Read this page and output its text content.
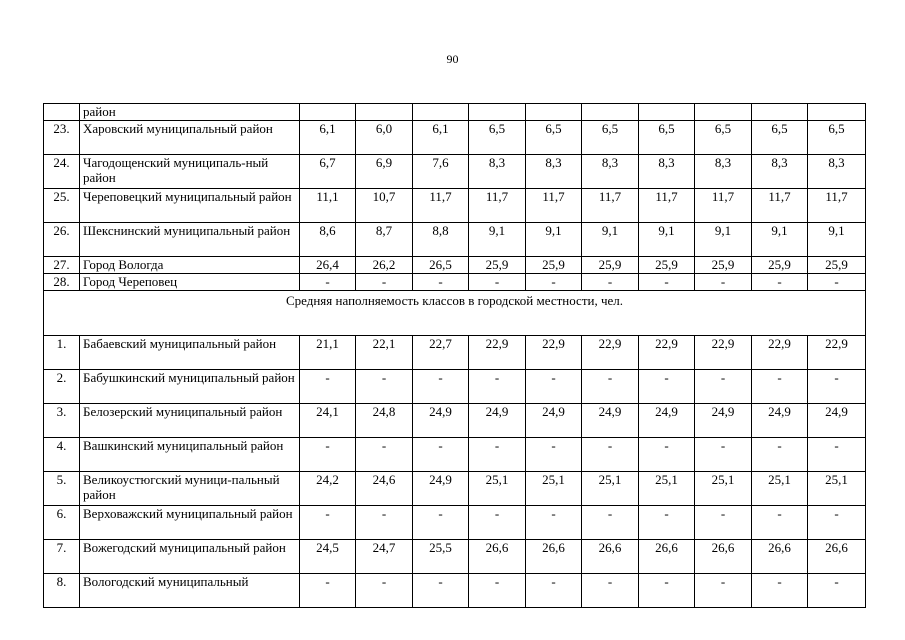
90
	район										
23.	Харовский муниципальный район	6,1	6,0	6,1	6,5	6,5	6,5	6,5	6,5	6,5	6,5
24.	Чагодощенский муниципаль-ный район	6,7	6,9	7,6	8,3	8,3	8,3	8,3	8,3	8,3	8,3
25.	Череповецкий муниципальный район	11,1	10,7	11,7	11,7	11,7	11,7	11,7	11,7	11,7	11,7
26.	Шекснинский муниципальный район	8,6	8,7	8,8	9,1	9,1	9,1	9,1	9,1	9,1	9,1
27.	Город Вологда	26,4	26,2	26,5	25,9	25,9	25,9	25,9	25,9	25,9	25,9
28.	Город Череповец	-	-	-	-	-	-	-	-	-	-
Средняя наполняемость классов в городской местности, чел.											
1.	Бабаевский муниципальный район	21,1	22,1	22,7	22,9	22,9	22,9	22,9	22,9	22,9	22,9
2.	Бабушкинский муниципальный район	-	-	-	-	-	-	-	-	-	-
3.	Белозерский муниципальный район	24,1	24,8	24,9	24,9	24,9	24,9	24,9	24,9	24,9	24,9
4.	Вашкинский муниципальный район	-	-	-	-	-	-	-	-	-	-
5.	Великоустюгский муници-пальный район	24,2	24,6	24,9	25,1	25,1	25,1	25,1	25,1	25,1	25,1
6.	Верховажский муниципальный район	-	-	-	-	-	-	-	-	-	-
7.	Вожегодский муниципальный район	24,5	24,7	25,5	26,6	26,6	26,6	26,6	26,6	26,6	26,6
8.	Вологодский муниципальный	-	-	-	-	-	-	-	-	-	-
